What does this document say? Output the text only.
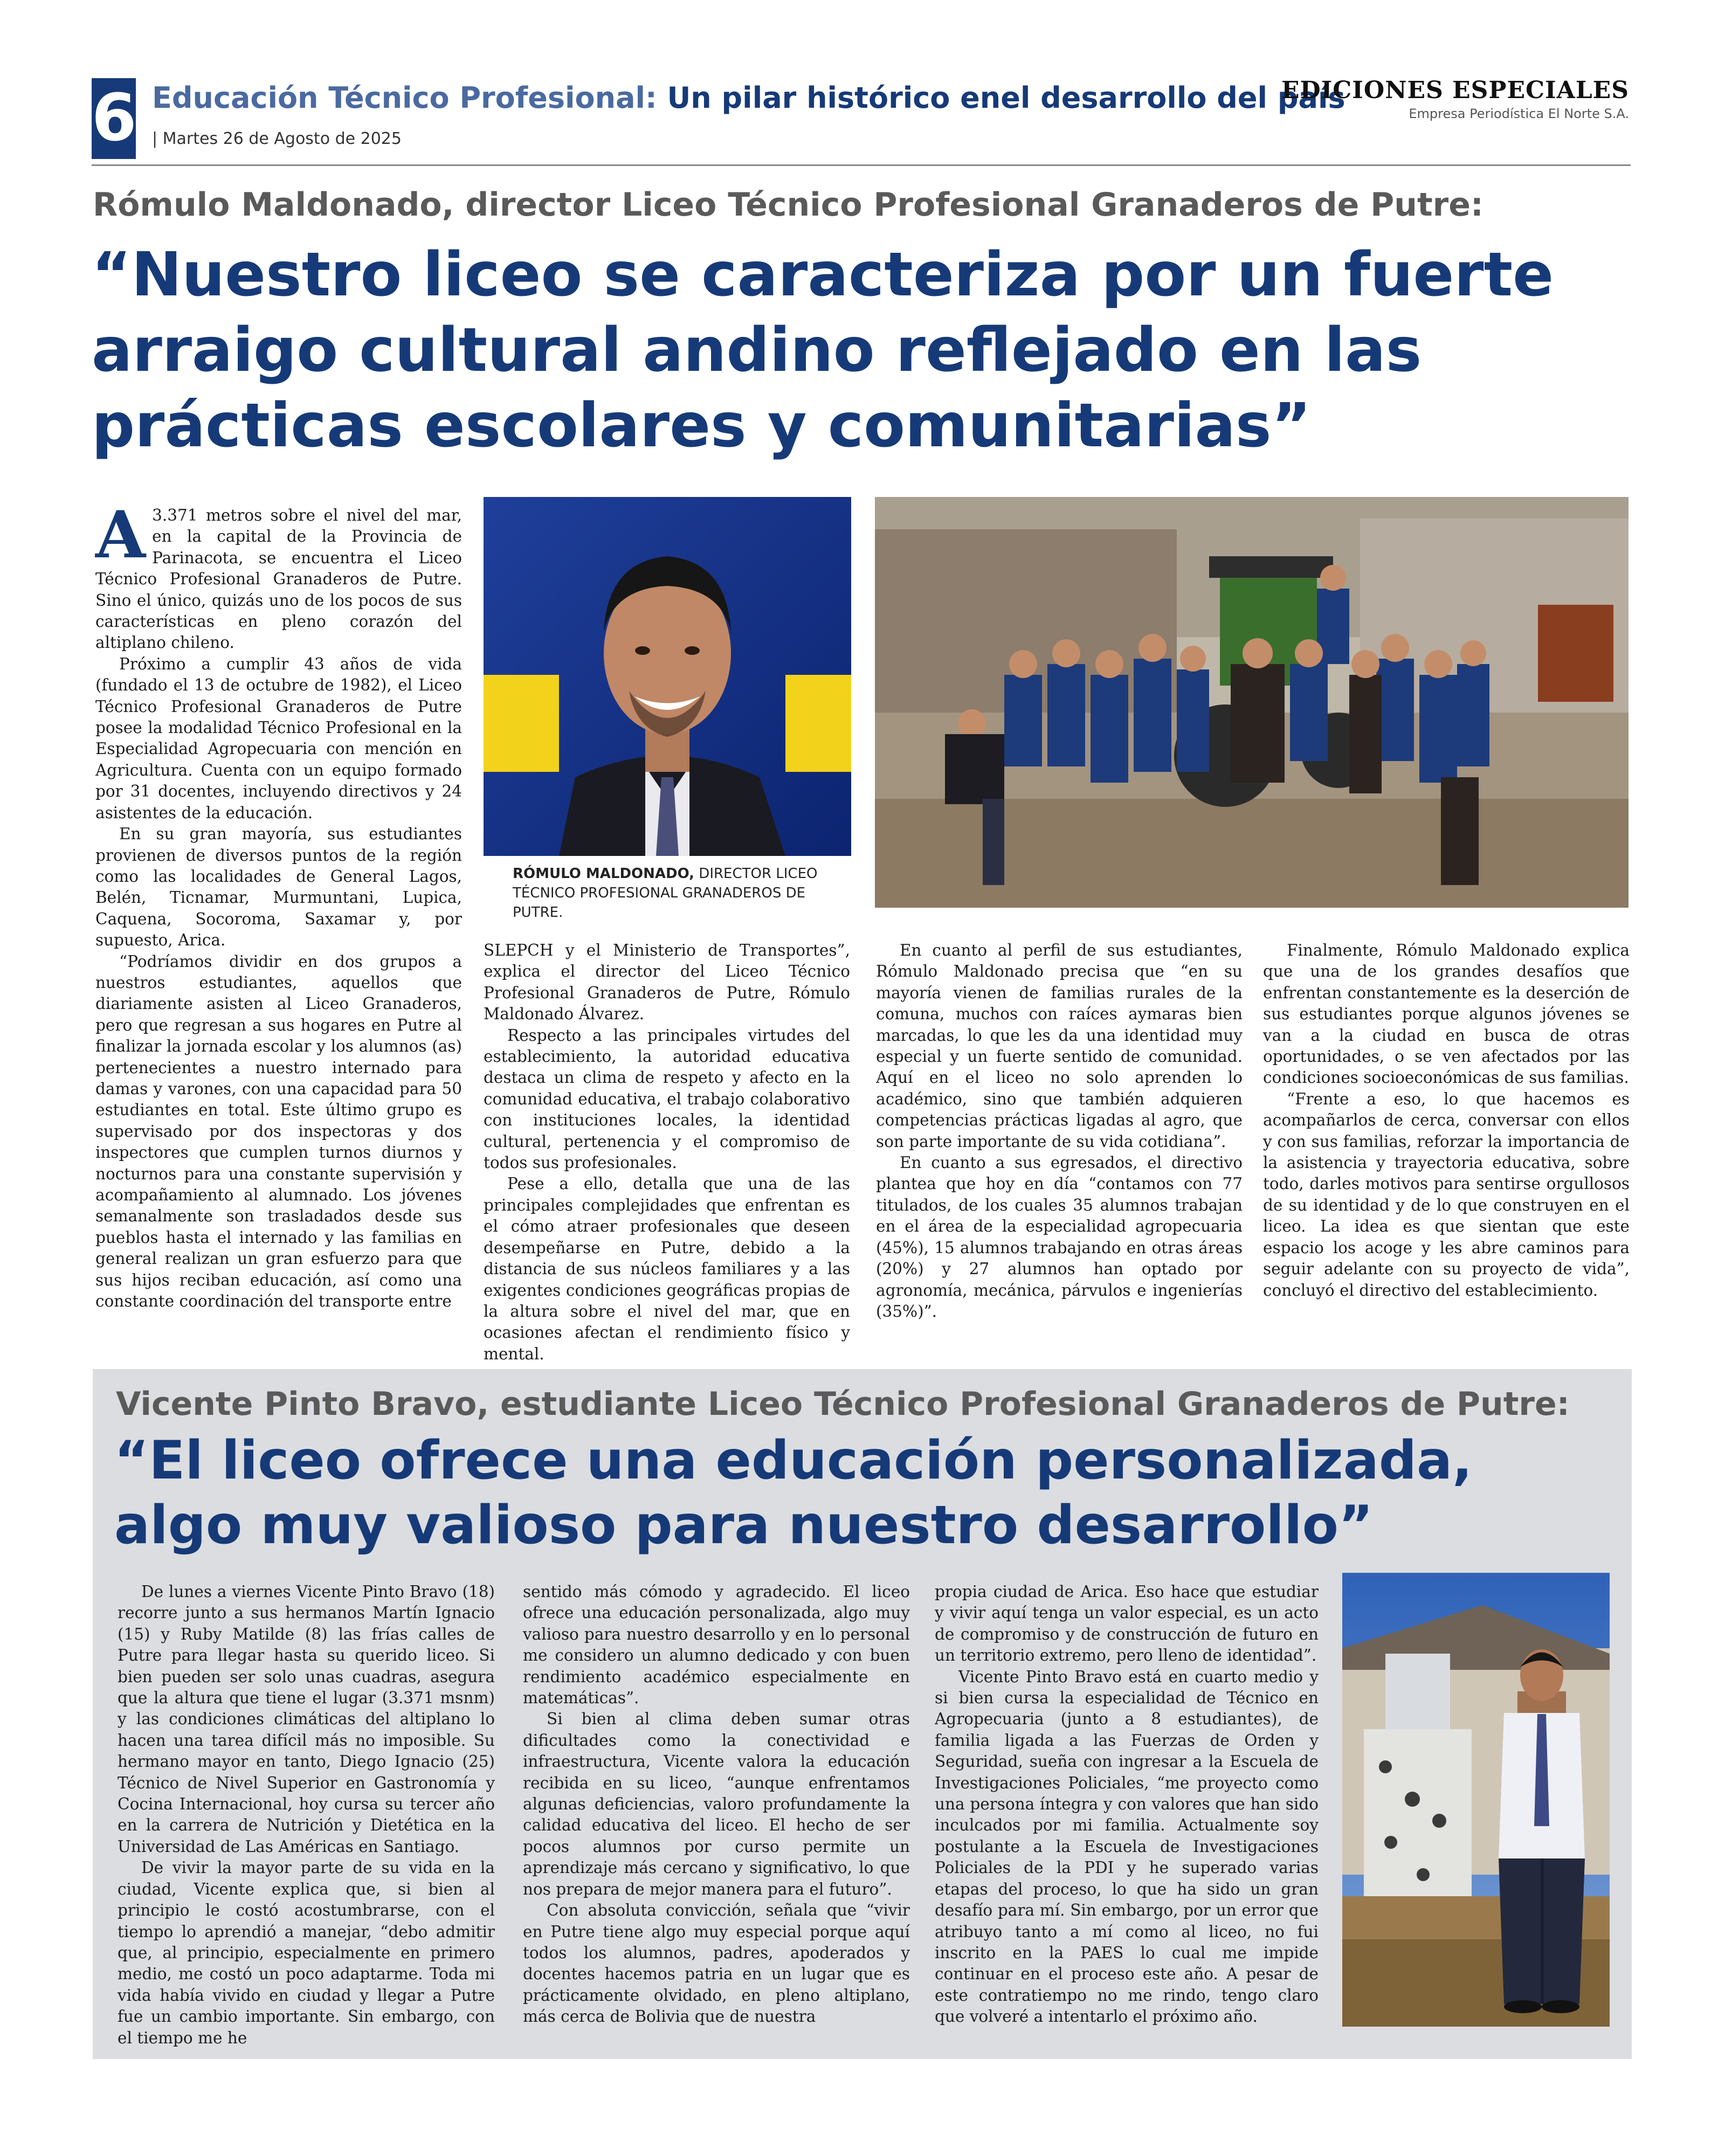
6 Educación Técnico Profesional: Un pilar histórico enel desarrollo del país
| Martes 26 de Agosto de 2025
EDICIONES ESPECIALES
Empresa Periodística El Norte S.A.
Rómulo Maldonado, director Liceo Técnico Profesional Granaderos de Putre:
“Nuestro liceo se caracteriza por un fuerte arraigo cultural andino reflejado en las prácticas escolares y comunitarias”

A 3.371 metros sobre el nivel del mar, en la capital de la Provincia de Parinacota, se encuentra el Liceo Técnico Profesional Granaderos de Putre. Sino el único, quizás uno de los pocos de sus características en pleno corazón del altiplano chileno.

Próximo a cumplir 43 años de vida (fundado el 13 de octubre de 1982), el Liceo Técnico Profesional Granaderos de Putre posee la modalidad Técnico Profesional en la Especialidad Agropecuaria con mención en Agricultura. Cuenta con un equipo formado por 31 docentes, incluyendo directivos y 24 asistentes de la educación.

En su gran mayoría, sus estudiantes provienen de diversos puntos de la región como las localidades de General Lagos, Belén, Ticnamar, Murmuntani, Lupica, Caquena, Socoroma, Saxamar y, por supuesto, Arica.

“Podríamos dividir en dos grupos a nuestros estudiantes, aquellos que diariamente asisten al Liceo Granaderos, pero que regresan a sus hogares en Putre al finalizar la jornada escolar y los alumnos (as) pertenecientes a nuestro internado para damas y varones, con una capacidad para 50 estudiantes en total. Este último grupo es supervisado por dos inspectoras y dos inspectores que cumplen turnos diurnos y nocturnos para una constante supervisión y acompañamiento al alumnado. Los jóvenes semanalmente son trasladados desde sus pueblos hasta el internado y las familias en general realizan un gran esfuerzo para que sus hijos reciban educación, así como una constante coordinación del transporte entre

RÓMULO MALDONADO, DIRECTOR LICEO TÉCNICO PROFESIONAL GRANADEROS DE PUTRE.

SLEPCH y el Ministerio de Transportes”, explica el director del Liceo Técnico Profesional Granaderos de Putre, Rómulo Maldonado Álvarez.

Respecto a las principales virtudes del establecimiento, la autoridad educativa destaca un clima de respeto y afecto en la comunidad educativa, el trabajo colaborativo con instituciones locales, la identidad cultural, pertenencia y el compromiso de todos sus profesionales.

Pese a ello, detalla que una de las principales complejidades que enfrentan es el cómo atraer profesionales que deseen desempeñarse en Putre, debido a la distancia de sus núcleos familiares y a las exigentes condiciones geográficas propias de la altura sobre el nivel del mar, que en ocasiones afectan el rendimiento físico y mental.

En cuanto al perfil de sus estudiantes, Rómulo Maldonado precisa que “en su mayoría vienen de familias rurales de la comuna, muchos con raíces aymaras bien marcadas, lo que les da una identidad muy especial y un fuerte sentido de comunidad. Aquí en el liceo no solo aprenden lo académico, sino que también adquieren competencias prácticas ligadas al agro, que son parte importante de su vida cotidiana”.

En cuanto a sus egresados, el directivo plantea que hoy en día “contamos con 77 titulados, de los cuales 35 alumnos trabajan en el área de la especialidad agropecuaria (45%), 15 alumnos trabajando en otras áreas (20%) y 27 alumnos han optado por agronomía, mecánica, párvulos e ingenierías (35%)”.

Finalmente, Rómulo Maldonado explica que una de los grandes desafíos que enfrentan constantemente es la deserción de sus estudiantes porque algunos jóvenes se van a la ciudad en busca de otras oportunidades, o se ven afectados por las condiciones socioeconómicas de sus familias.

“Frente a eso, lo que hacemos es acompañarlos de cerca, conversar con ellos y con sus familias, reforzar la importancia de la asistencia y trayectoria educativa, sobre todo, darles motivos para sentirse orgullosos de su identidad y de lo que construyen en el liceo. La idea es que sientan que este espacio los acoge y les abre caminos para seguir adelante con su proyecto de vida”, concluyó el directivo del establecimiento.

Vicente Pinto Bravo, estudiante Liceo Técnico Profesional Granaderos de Putre:
“El liceo ofrece una educación personalizada, algo muy valioso para nuestro desarrollo”

De lunes a viernes Vicente Pinto Bravo (18) recorre junto a sus hermanos Martín Ignacio (15) y Ruby Matilde (8) las frías calles de Putre para llegar hasta su querido liceo. Si bien pueden ser solo unas cuadras, asegura que la altura que tiene el lugar (3.371 msnm) y las condiciones climáticas del altiplano lo hacen una tarea difícil más no imposible. Su hermano mayor en tanto, Diego Ignacio (25) Técnico de Nivel Superior en Gastronomía y Cocina Internacional, hoy cursa su tercer año en la carrera de Nutrición y Dietética en la Universidad de Las Américas en Santiago.

De vivir la mayor parte de su vida en la ciudad, Vicente explica que, si bien al principio le costó acostumbrarse, con el tiempo lo aprendió a manejar, “debo admitir que, al principio, especialmente en primero medio, me costó un poco adaptarme. Toda mi vida había vivido en ciudad y llegar a Putre fue un cambio importante. Sin embargo, con el tiempo me he

sentido más cómodo y agradecido. El liceo ofrece una educación personalizada, algo muy valioso para nuestro desarrollo y en lo personal me considero un alumno dedicado y con buen rendimiento académico especialmente en matemáticas”.

Si bien al clima deben sumar otras dificultades como la conectividad e infraestructura, Vicente valora la educación recibida en su liceo, “aunque enfrentamos algunas deficiencias, valoro profundamente la calidad educativa del liceo. El hecho de ser pocos alumnos por curso permite un aprendizaje más cercano y significativo, lo que nos prepara de mejor manera para el futuro”.

Con absoluta convicción, señala que “vivir en Putre tiene algo muy especial porque aquí todos los alumnos, padres, apoderados y docentes hacemos patria en un lugar que es prácticamente olvidado, en pleno altiplano, más cerca de Bolivia que de nuestra

propia ciudad de Arica. Eso hace que estudiar y vivir aquí tenga un valor especial, es un acto de compromiso y de construcción de futuro en un territorio extremo, pero lleno de identidad”.

Vicente Pinto Bravo está en cuarto medio y si bien cursa la especialidad de Técnico en Agropecuaria (junto a 8 estudiantes), de familia ligada a las Fuerzas de Orden y Seguridad, sueña con ingresar a la Escuela de Investigaciones Policiales, “me proyecto como una persona íntegra y con valores que han sido inculcados por mi familia. Actualmente soy postulante a la Escuela de Investigaciones Policiales de la PDI y he superado varias etapas del proceso, lo que ha sido un gran desafío para mí. Sin embargo, por un error que atribuyo tanto a mí como al liceo, no fui inscrito en la PAES lo cual me impide continuar en el proceso este año. A pesar de este contratiempo no me rindo, tengo claro que volveré a intentarlo el próximo año.
